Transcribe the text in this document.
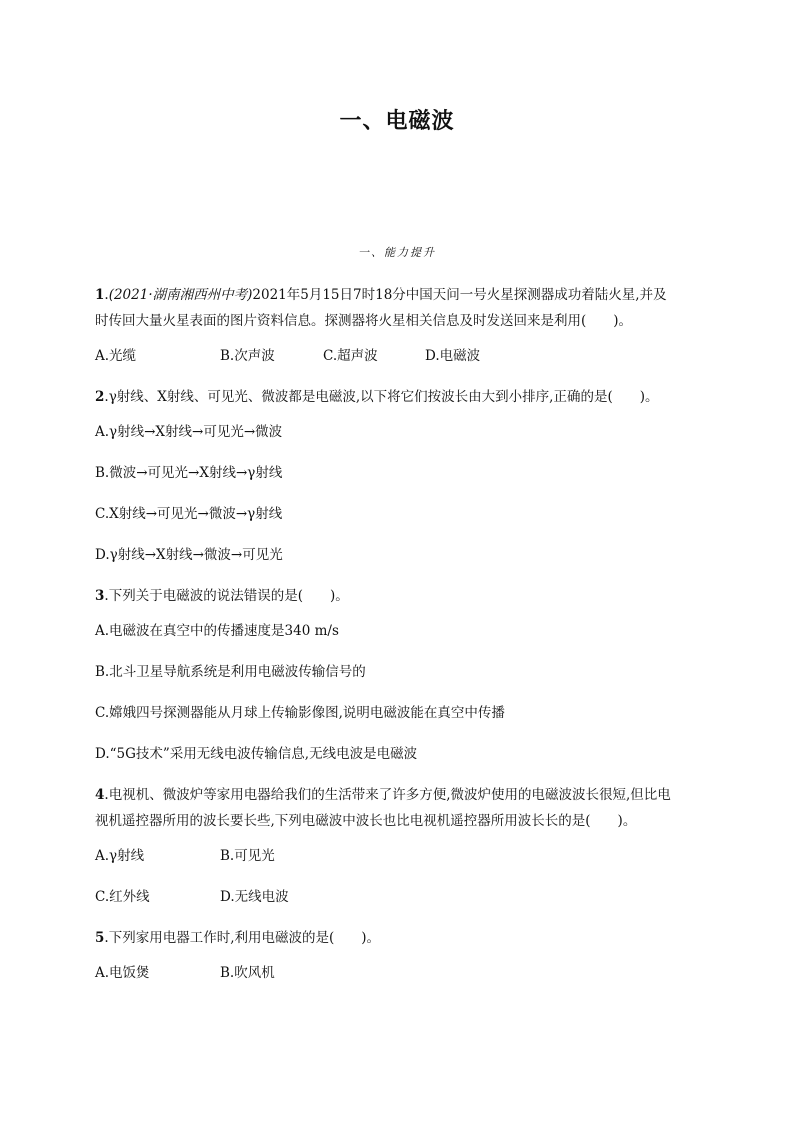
一、电磁波
一、能力提升

1.(2021·湖南湘西州中考)2021年5月15日7时18分中国天问一号火星探测器成功着陆火星,并及

时传回大量火星表面的图片资料信息。探测器将火星相关信息及时发送回来是利用(　　)。

A.光缆	B.次声波	C.超声波	D.电磁波

2.γ射线、X射线、可见光、微波都是电磁波,以下将它们按波长由大到小排序,正确的是(　　)。

A.γ射线→X射线→可见光→微波

B.微波→可见光→X射线→γ射线

C.X射线→可见光→微波→γ射线

D.γ射线→X射线→微波→可见光

3.下列关于电磁波的说法错误的是(　　)。

A.电磁波在真空中的传播速度是340 m/s

B.北斗卫星导航系统是利用电磁波传输信号的

C.嫦娥四号探测器能从月球上传输影像图,说明电磁波能在真空中传播

D.“5G技术”采用无线电波传输信息,无线电波是电磁波

4.电视机、微波炉等家用电器给我们的生活带来了许多方便,微波炉使用的电磁波波长很短,但比电

视机遥控器所用的波长要长些,下列电磁波中波长也比电视机遥控器所用波长长的是(　　)。

A.γ射线	B.可见光
C.红外线	D.无线电波

5.下列家用电器工作时,利用电磁波的是(　　)。

A.电饭煲	B.吹风机
